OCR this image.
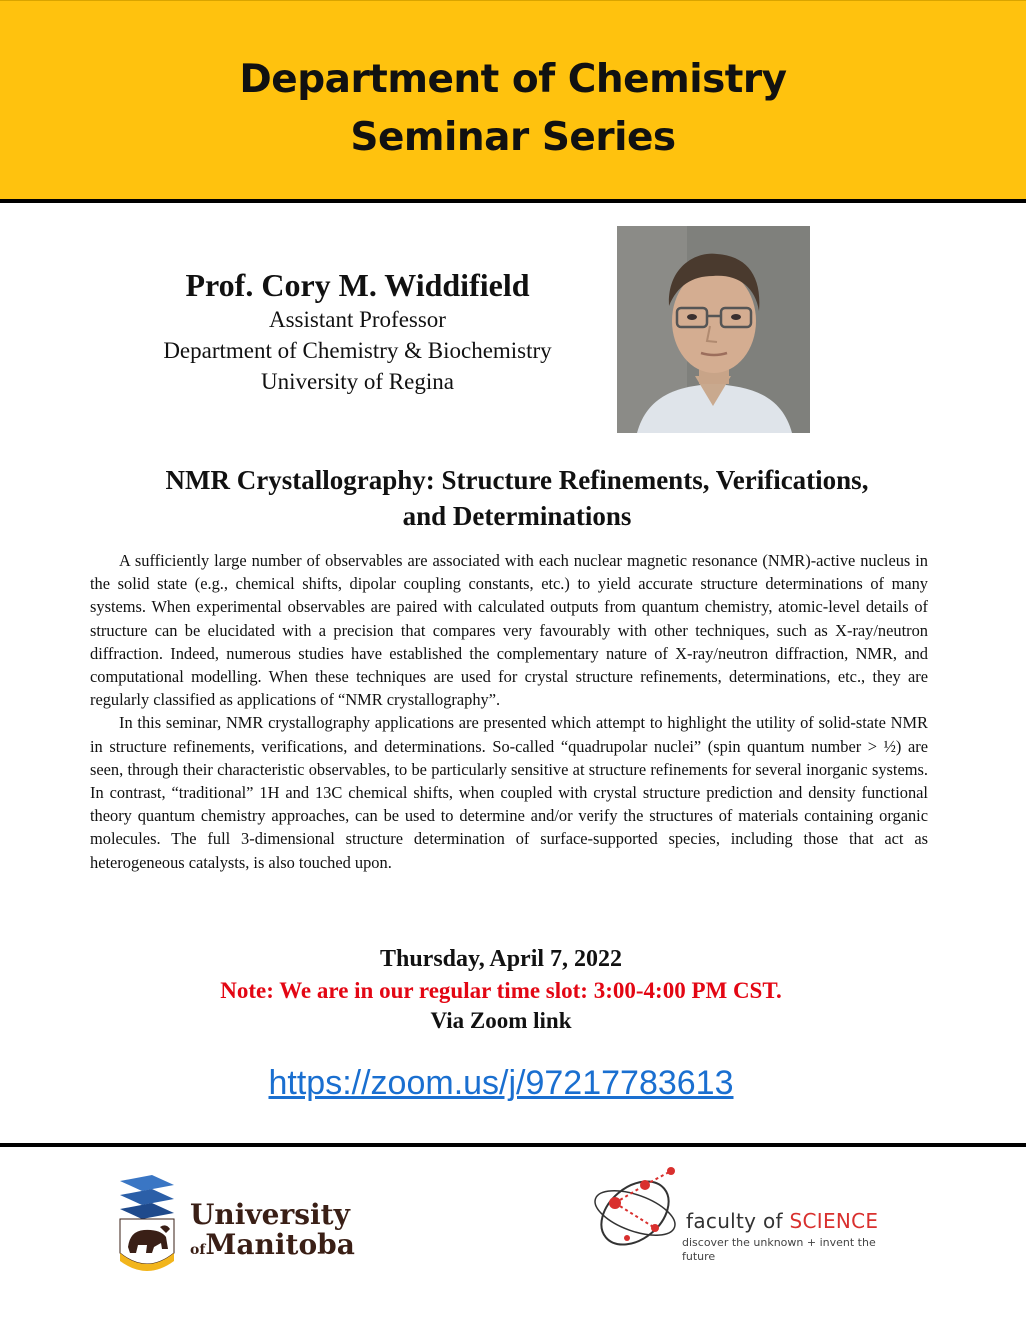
Department of Chemistry
Seminar Series
Prof. Cory M. Widdifield
Assistant Professor
Department of Chemistry & Biochemistry
University of Regina
NMR Crystallography: Structure Refinements, Verifications,
and Determinations

A sufficiently large number of observables are associated with each nuclear magnetic resonance (NMR)-active nucleus in the solid state (e.g., chemical shifts, dipolar coupling constants, etc.) to yield accurate structure determinations of many systems. When experimental observables are paired with calculated outputs from quantum chemistry, atomic-level details of structure can be elucidated with a precision that compares very favourably with other techniques, such as X-ray/neutron diffraction. Indeed, numerous studies have established the complementary nature of X-ray/neutron diffraction, NMR, and computational modelling. When these techniques are used for crystal structure refinements, determinations, etc., they are regularly classified as applications of “NMR crystallography”.

In this seminar, NMR crystallography applications are presented which attempt to highlight the utility of solid-state NMR in structure refinements, verifications, and determinations. So-called “quadrupolar nuclei” (spin quantum number > ½) are seen, through their characteristic observables, to be particularly sensitive at structure refinements for several inorganic systems. In contrast, “traditional” 1H and 13C chemical shifts, when coupled with crystal structure prediction and density functional theory quantum chemistry approaches, can be used to determine and/or verify the structures of materials containing organic molecules. The full 3-dimensional structure determination of surface-supported species, including those that act as heterogeneous catalysts, is also touched upon.

Thursday, April 7, 2022
Note: We are in our regular time slot: 3:00-4:00 PM CST.
Via Zoom link
https://zoom.us/j/97217783613
University
ofManitoba
faculty of SCIENCE
discover the unknown + invent the future
